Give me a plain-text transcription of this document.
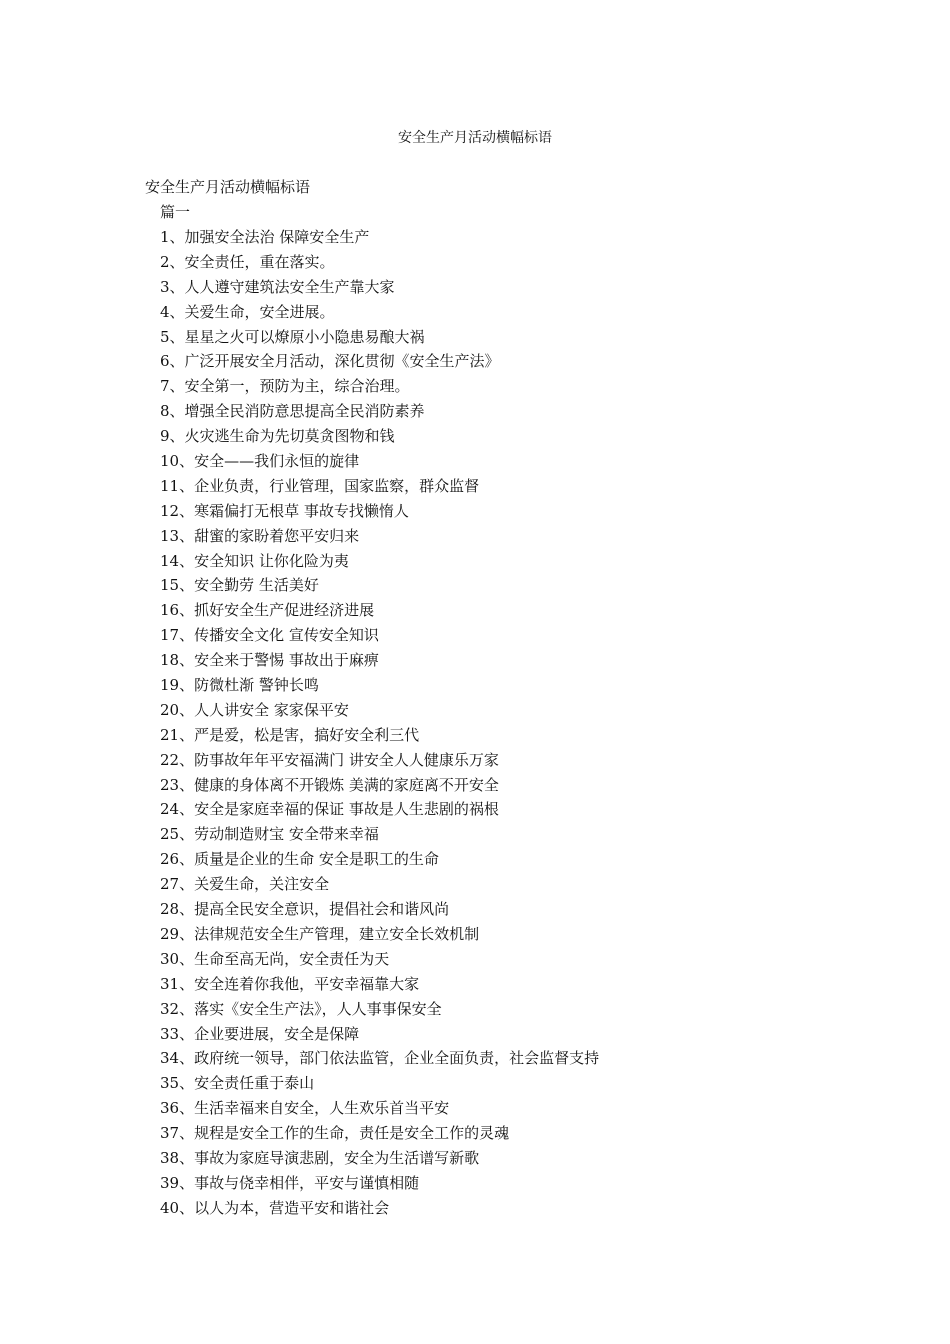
安全生产月活动横幅标语
安全生产月活动横幅标语
篇一
1、加强安全法治 保障安全生产
2、安全责任，重在落实。
3、人人遵守建筑法安全生产靠大家
4、关爱生命，安全进展。
5、星星之火可以燎原小小隐患易酿大祸
6、广泛开展安全月活动，深化贯彻《安全生产法》
7、安全第一，预防为主，综合治理。
8、增强全民消防意思提高全民消防素养
9、火灾逃生命为先切莫贪图物和钱
10、安全——我们永恒的旋律
11、企业负责，行业管理，国家监察，群众监督
12、寒霜偏打无根草 事故专找懒惰人
13、甜蜜的家盼着您平安归来
14、安全知识 让你化险为夷
15、安全勤劳 生活美好
16、抓好安全生产促进经济进展
17、传播安全文化 宣传安全知识
18、安全来于警惕 事故出于麻痹
19、防微杜渐 警钟长鸣
20、人人讲安全 家家保平安
21、严是爱，松是害，搞好安全利三代
22、防事故年年平安福满门 讲安全人人健康乐万家
23、健康的身体离不开锻炼 美满的家庭离不开安全
24、安全是家庭幸福的保证 事故是人生悲剧的祸根
25、劳动制造财宝 安全带来幸福
26、质量是企业的生命 安全是职工的生命
27、关爱生命，关注安全
28、提高全民安全意识，提倡社会和谐风尚
29、法律规范安全生产管理，建立安全长效机制
30、生命至高无尚，安全责任为天
31、安全连着你我他，平安幸福靠大家
32、落实《安全生产法》，人人事事保安全
33、企业要进展，安全是保障
34、政府统一领导，部门依法监管，企业全面负责，社会监督支持
35、安全责任重于泰山
36、生活幸福来自安全，人生欢乐首当平安
37、规程是安全工作的生命，责任是安全工作的灵魂
38、事故为家庭导演悲剧，安全为生活谱写新歌
39、事故与侥幸相伴，平安与谨慎相随
40、以人为本，营造平安和谐社会
